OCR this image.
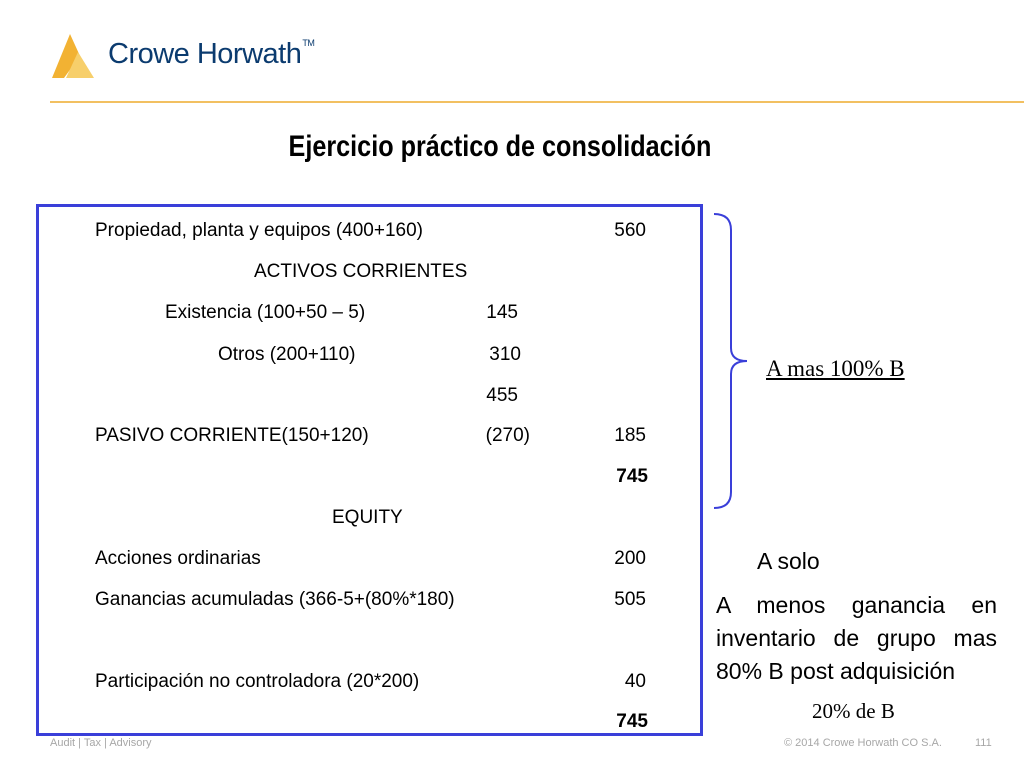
Crowe Horwath™
Ejercicio práctico de consolidación
Propiedad, planta y equipos (400+160)	560
ACTIVOS CORRIENTES
Existencia (100+50 – 5)	145
Otros (200+110)	310
455
PASIVO CORRIENTE(150+120)	(270)	185
745
EQUITY
Acciones ordinarias	200
Ganancias acumuladas (366-5+(80%*180)	505
Participación no controladora (20*200)	40
745
A mas 100% B
A solo
A menos ganancia en inventario de grupo mas 80% B post adquisición
20% de B
Audit | Tax | Advisory	© 2014 Crowe Horwath CO S.A.	111
